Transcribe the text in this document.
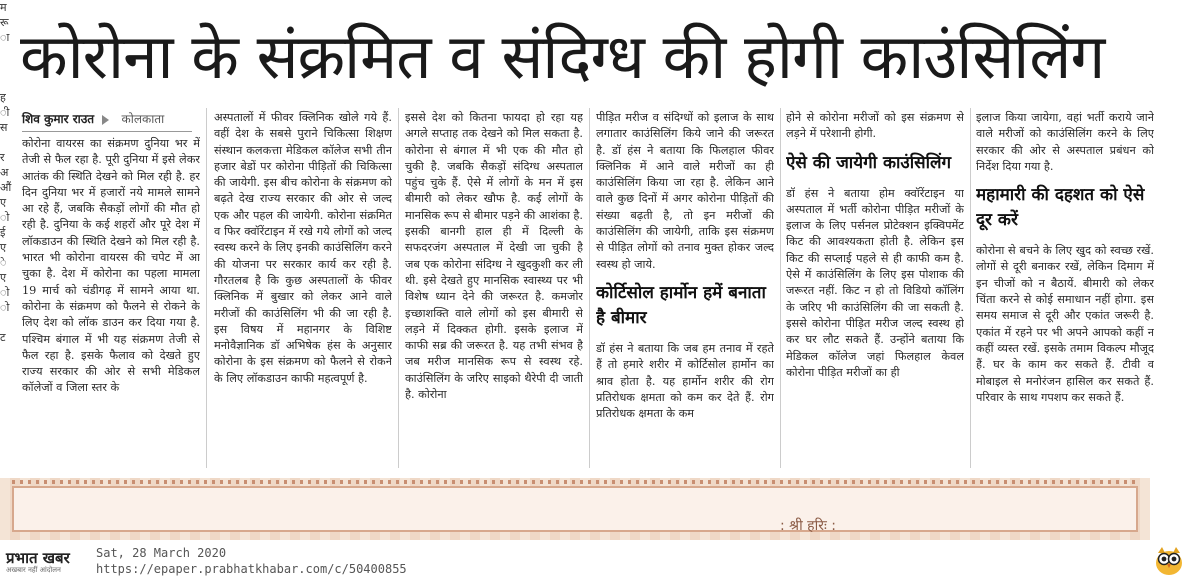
म
रू
ा

ह
ी
स

र
अ
औं
ए
ो
ई
ए
े
ए
ो
ो

ट
कोरोना के संक्रमित व संदिग्ध की होगी काउंसिलिंग
शिव कुमार राउत कोलकाता

कोरोना वायरस का संक्रमण दुनिया भर में तेजी से फैल रहा है. पूरी दुनिया में इसे लेकर आतंक की स्थिति देखने को मिल रही है. हर दिन दुनिया भर में हजारों नये मामले सामने आ रहे हैं, जबकि सैकड़ों लोगों की मौत हो रही है. दुनिया के कई शहरों और पूरे देश में लॉकडाउन की स्थिति देखने को मिल रही है. भारत भी कोरोना वायरस की चपेट में आ चुका है. देश में कोरोना का पहला मामला 19 मार्च को चंडीगढ़ में सामने आया था. कोरोना के संक्रमण को फैलने से रोकने के लिए देश को लॉक डाउन कर दिया गया है. पश्चिम बंगाल में भी यह संक्रमण तेजी से फैल रहा है. इसके फैलाव को देखते हुए राज्य सरकार की ओर से सभी मेडिकल कॉलेजों व जिला स्तर के

अस्पतालों में फीवर क्लिनिक खोले गये हैं. वहीं देश के सबसे पुराने चिकित्सा शिक्षण संस्थान कलकत्ता मेडिकल कॉलेज सभी तीन हजार बेडों पर कोरोना पीड़ितों की चिकित्सा की जायेगी. इस बीच कोरोना के संक्रमण को बढ़ते देख राज्य सरकार की ओर से जल्द एक और पहल की जायेगी. कोरोना संक्रमित व फिर क्वॉरेंटाइन में रखे गये लोगों को जल्द स्वस्थ करने के लिए इनकी काउंसिलिंग करने की योजना पर सरकार कार्य कर रही है. गौरतलब है कि कुछ अस्पतालों के फीवर क्लिनिक में बुखार को लेकर आने वाले मरीजों की काउंसिलिंग भी की जा रही है. इस विषय में महानगर के विशिष्ट मनोवैज्ञानिक डॉ अभिषेक हंस के अनुसार कोरोना के इस संक्रमण को फैलने से रोकने के लिए लॉकडाउन काफी महत्वपूर्ण है.

इससे देश को कितना फायदा हो रहा यह अगले सप्ताह तक देखने को मिल सकता है. कोरोना से बंगाल में भी एक की मौत हो चुकी है. जबकि सैकड़ों संदिग्ध अस्पताल पहुंच चुके हैं. ऐसे में लोगों के मन में इस बीमारी को लेकर खौफ है. कई लोगों के मानसिक रूप से बीमार पड़ने की आशंका है. इसकी बानगी हाल ही में दिल्ली के सफदरजंग अस्पताल में देखी जा चुकी है जब एक कोरोना संदिग्ध ने खुदकुशी कर ली थी. इसे देखते हुए मानसिक स्वास्थ्य पर भी विशेष ध्यान देने की जरूरत है. कमजोर इच्छाशक्ति वाले लोगों को इस बीमारी से लड़ने में दिक्कत होगी. इसके इलाज में काफी सब्र की जरूरत है. यह तभी संभव है जब मरीज मानसिक रूप से स्वस्थ रहे. काउंसिलिंग के जरिए साइको थैरेपी दी जाती है. कोरोना

पीड़ित मरीज व संदिग्धों को इलाज के साथ लगातार काउंसिलिंग किये जाने की जरूरत है. डॉ हंस ने बताया कि फिलहाल फीवर क्लिनिक में आने वाले मरीजों का ही काउंसिलिंग किया जा रहा है. लेकिन आने वाले कुछ दिनों में अगर कोरोना पीड़ितों की संख्या बढ़ती है, तो इन मरीजों की काउंसिलिंग की जायेगी, ताकि इस संक्रमण से पीड़ित लोगों को तनाव मुक्त होकर जल्द स्वस्थ हो जाये.

कोर्टिसोल हार्मोन हमें बनाता है बीमार

डॉ हंस ने बताया कि जब हम तनाव में रहते हैं तो हमारे शरीर में कोर्टिसोल हार्मोन का श्राव होता है. यह हार्मोन शरीर की रोग प्रतिरोधक क्षमता को कम कर देते हैं. रोग प्रतिरोधक क्षमता के कम

होने से कोरोना मरीजों को इस संक्रमण से लड़ने में परेशानी होगी.

ऐसे की जायेगी काउंसिलिंग

डॉ हंस ने बताया होम क्वॉरेंटाइन या अस्पताल में भर्ती कोरोना पीड़ित मरीजों के इलाज के लिए पर्सनल प्रोटेक्शन इक्विपमेंट किट की आवश्यकता होती है. लेकिन इस किट की सप्लाई पहले से ही काफी कम है. ऐसे में काउंसिलिंग के लिए इस पोशाक की जरूरत नहीं. किट न हो तो विडियो कॉलिंग के जरिए भी काउंसिलिंग की जा सकती है. इससे कोरोना पीड़ित मरीज जल्द स्वस्थ हो कर घर लौट सकते हैं. उन्होंने बताया कि मेडिकल कॉलेज जहां फिलहाल केवल कोरोना पीड़ित मरीजों का ही

इलाज किया जायेगा, वहां भर्ती कराये जाने वाले मरीजों को काउंसिलिंग करने के लिए सरकार की ओर से अस्पताल प्रबंधन को निर्देश दिया गया है.

महामारी की दहशत को ऐसे दूर करें

कोरोना से बचने के लिए खुद को स्वच्छ रखें. लोगों से दूरी बनाकर रखें, लेकिन दिमाग में इन चीजों को न बैठायें. बीमारी को लेकर चिंता करने से कोई समाधान नहीं होगा. इस समय समाज से दूरी और एकांत जरूरी है. एकांत में रहने पर भी अपने आपको कहीं न कहीं व्यस्त रखें. इसके तमाम विकल्प मौजूद हैं. घर के काम कर सकते हैं. टीवी व मोबाइल से मनोरंजन हासिल कर सकते हैं. परिवार के साथ गपशप कर सकते हैं.

: श्री हरिः :
प्रभात खबर
अखबार नहीं आंदोलन
Sat, 28 March 2020
https://epaper.prabhatkhabar.com/c/50400855
